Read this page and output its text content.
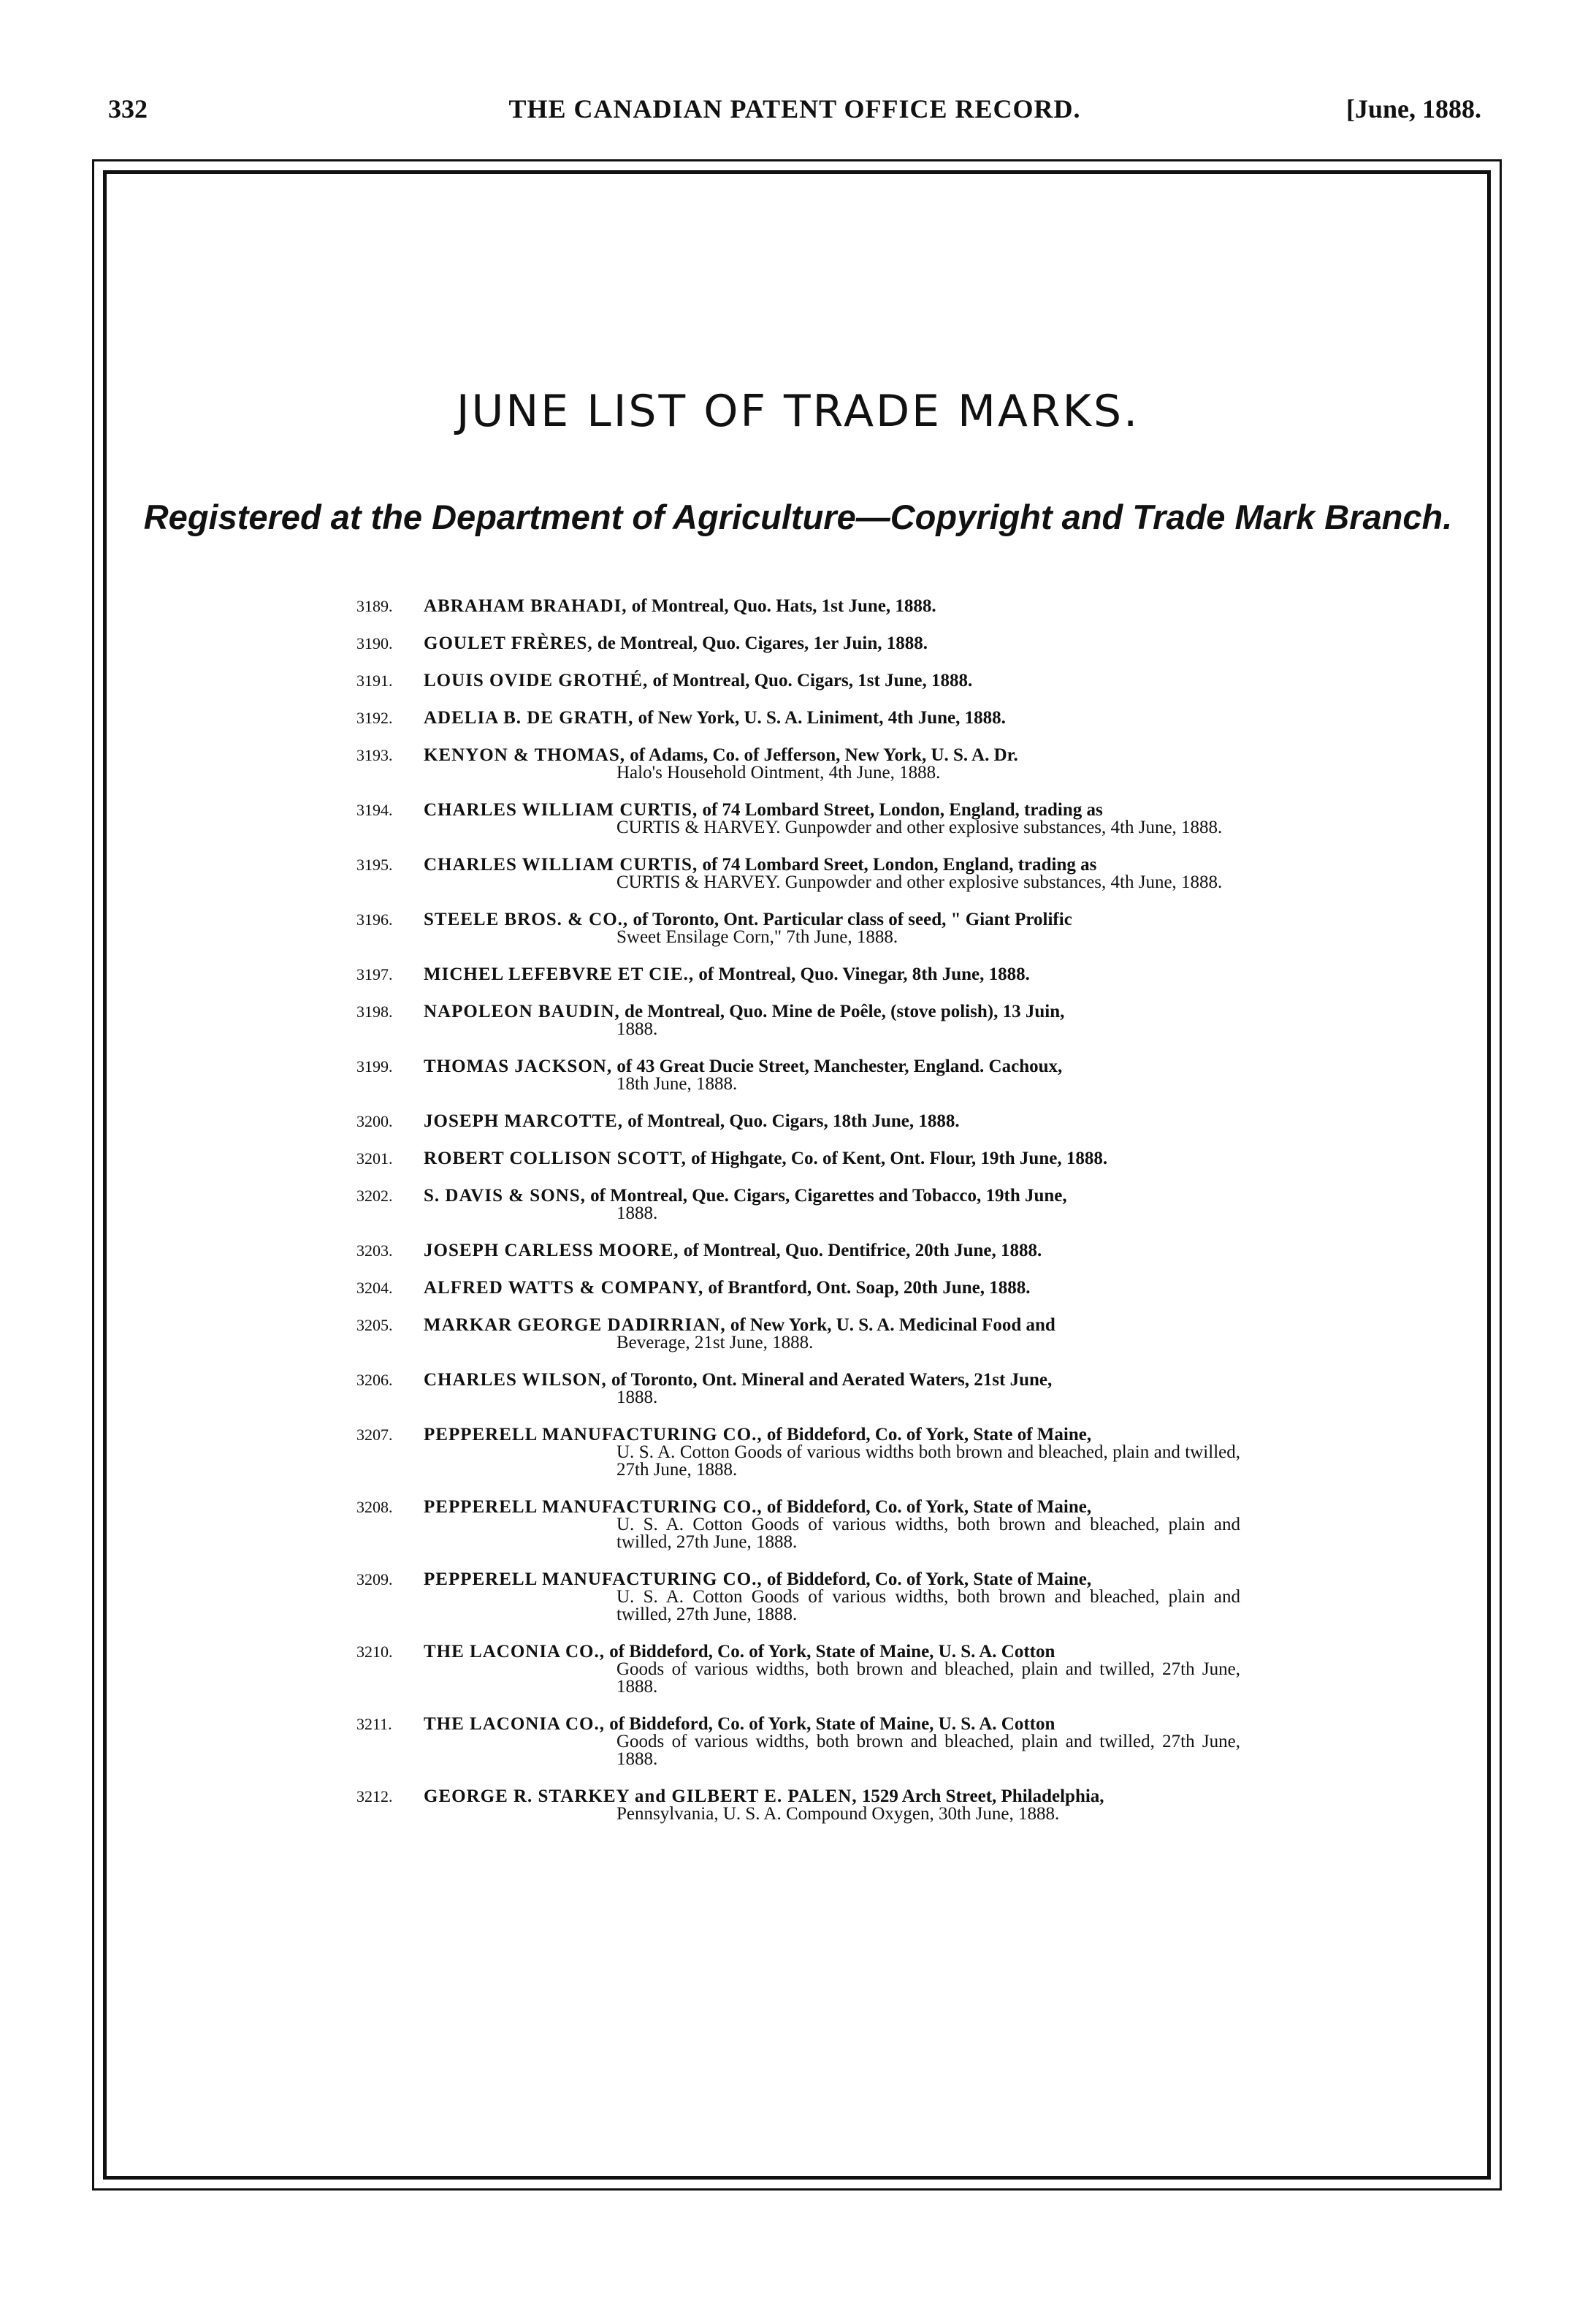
332	THE CANADIAN PATENT OFFICE RECORD.	[June, 1888.
JUNE LIST OF TRADE MARKS.
Registered at the Department of Agriculture—Copyright and Trade Mark Branch.
3189. ABRAHAM BRAHADI, of Montreal, Quo. Hats, 1st June, 1888.
3190. GOULET FRÈRES, de Montreal, Quo. Cigares, 1er Juin, 1888.
3191. LOUIS OVIDE GROTHÉ, of Montreal, Quo. Cigars, 1st June, 1888.
3192. ADELIA B. DE GRATH, of New York, U. S. A. Liniment, 4th June, 1888.
3193. KENYON & THOMAS, of Adams, Co. of Jefferson, New York, U. S. A. Dr.
Halo's Household Ointment, 4th June, 1888.
3194. CHARLES WILLIAM CURTIS, of 74 Lombard Street, London, England, trading as
CURTIS & HARVEY. Gunpowder and other explosive substances, 4th June, 1888.
3195. CHARLES WILLIAM CURTIS, of 74 Lombard Sreet, London, England, trading as
CURTIS & HARVEY. Gunpowder and other explosive substances, 4th June, 1888.
3196. STEELE BROS. & CO., of Toronto, Ont. Particular class of seed, " Giant Prolific
Sweet Ensilage Corn," 7th June, 1888.
3197. MICHEL LEFEBVRE ET CIE., of Montreal, Quo. Vinegar, 8th June, 1888.
3198. NAPOLEON BAUDIN, de Montreal, Quo. Mine de Poêle, (stove polish), 13 Juin,
1888.
3199. THOMAS JACKSON, of 43 Great Ducie Street, Manchester, England. Cachoux,
18th June, 1888.
3200. JOSEPH MARCOTTE, of Montreal, Quo. Cigars, 18th June, 1888.
3201. ROBERT COLLISON SCOTT, of Highgate, Co. of Kent, Ont. Flour, 19th June, 1888.
3202. S. DAVIS & SONS, of Montreal, Que. Cigars, Cigarettes and Tobacco, 19th June,
1888.
3203. JOSEPH CARLESS MOORE, of Montreal, Quo. Dentifrice, 20th June, 1888.
3204. ALFRED WATTS & COMPANY, of Brantford, Ont. Soap, 20th June, 1888.
3205. MARKAR GEORGE DADIRRIAN, of New York, U. S. A. Medicinal Food and
Beverage, 21st June, 1888.
3206. CHARLES WILSON, of Toronto, Ont. Mineral and Aerated Waters, 21st June,
1888.
3207. PEPPERELL MANUFACTURING CO., of Biddeford, Co. of York, State of Maine,
U. S. A. Cotton Goods of various widths both brown and bleached, plain and twilled, 27th June, 1888.
3208. PEPPERELL MANUFACTURING CO., of Biddeford, Co. of York, State of Maine,
U. S. A. Cotton Goods of various widths, both brown and bleached, plain and twilled, 27th June, 1888.
3209. PEPPERELL MANUFACTURING CO., of Biddeford, Co. of York, State of Maine,
U. S. A. Cotton Goods of various widths, both brown and bleached, plain and twilled, 27th June, 1888.
3210. THE LACONIA CO., of Biddeford, Co. of York, State of Maine, U. S. A. Cotton
Goods of various widths, both brown and bleached, plain and twilled, 27th June, 1888.
3211. THE LACONIA CO., of Biddeford, Co. of York, State of Maine, U. S. A. Cotton
Goods of various widths, both brown and bleached, plain and twilled, 27th June, 1888.
3212. GEORGE R. STARKEY and GILBERT E. PALEN, 1529 Arch Street, Philadelphia,
Pennsylvania, U. S. A. Compound Oxygen, 30th June, 1888.
